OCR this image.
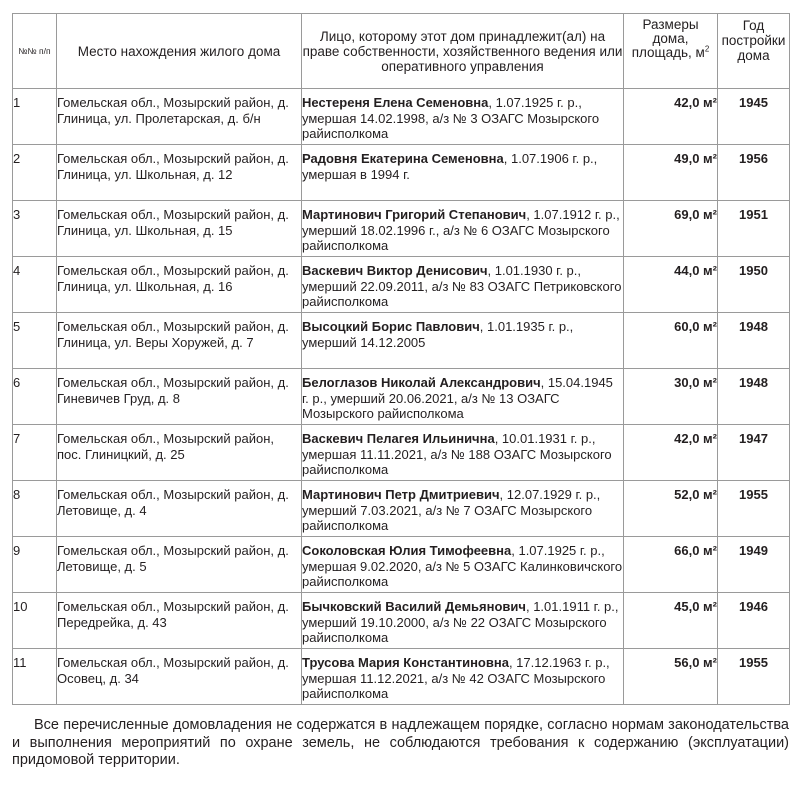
№№ п/п	Место нахождения жилого дома	Лицо, которому этот дом принадлежит(ал) на праве собственности, хозяйственного ведения или оперативного управления	Размеры дома, площадь, $м^2$	Год постройки дома
1	Гомельская обл., Мозырский район, д. Глиница, ул. Пролетарская, д. б/н	Нестереня Елена Семеновна, 1.07.1925 г. р., умершая 14.02.1998, а/з № 3 ОЗАГС Мозырского райисполкома	42,0 м²	1945
2	Гомельская обл., Мозырский район, д. Глиница, ул. Школьная, д. 12	Радовня Екатерина Семеновна, 1.07.1906 г. р., умершая в 1994 г.	49,0 м²	1956
3	Гомельская обл., Мозырский район, д. Глиница, ул. Школьная, д. 15	Мартинович Григорий Степанович, 1.07.1912 г. р., умерший 18.02.1996 г., а/з № 6 ОЗАГС Мозырского райисполкома	69,0 м²	1951
4	Гомельская обл., Мозырский район, д. Глиница, ул. Школьная, д. 16	Васкевич Виктор Денисович, 1.01.1930 г. р., умерший 22.09.2011, а/з № 83 ОЗАГС Петриковского райисполкома	44,0 м²	1950
5	Гомельская обл., Мозырский район, д. Глиница, ул. Веры Хоружей, д. 7	Высоцкий Борис Павлович, 1.01.1935 г. р., умерший 14.12.2005	60,0 м²	1948
6	Гомельская обл., Мозырский район, д. Гиневичев Груд, д. 8	Белоглазов Николай Александрович, 15.04.1945 г. р., умерший 20.06.2021, а/з № 13 ОЗАГС Мозырского райисполкома	30,0 м²	1948
7	Гомельская обл., Мозырский район, пос. Глиницкий, д. 25	Васкевич Пелагея Ильинична, 10.01.1931 г. р., умершая 11.11.2021, а/з № 188 ОЗАГС Мозырского райисполкома	42,0 м²	1947
8	Гомельская обл., Мозырский район, д. Летовище, д. 4	Мартинович Петр Дмитриевич, 12.07.1929 г. р., умерший 7.03.2021, а/з № 7 ОЗАГС Мозырского райисполкома	52,0 м²	1955
9	Гомельская обл., Мозырский район, д. Летовище, д. 5	Соколовская Юлия Тимофеевна, 1.07.1925 г. р., умершая 9.02.2020, а/з № 5 ОЗАГС Калинковичского райисполкома	66,0 м²	1949
10	Гомельская обл., Мозырский район, д. Передрейка, д. 43	Бычковский Василий Демьянович, 1.01.1911 г. р., умерший 19.10.2000, а/з № 22 ОЗАГС Мозырского райисполкома	45,0 м²	1946
11	Гомельская обл., Мозырский район, д. Осовец, д. 34	Трусова Мария Константиновна, 17.12.1963 г. р., умершая 11.12.2021, а/з № 42 ОЗАГС Мозырского райисполкома	56,0 м²	1955

Все перечисленные домовладения не содержатся в надлежащем порядке, согласно нормам законодательства и выполнения мероприятий по охране земель, не соблюдаются требования к содержанию (эксплуатации) придомовой территории.
